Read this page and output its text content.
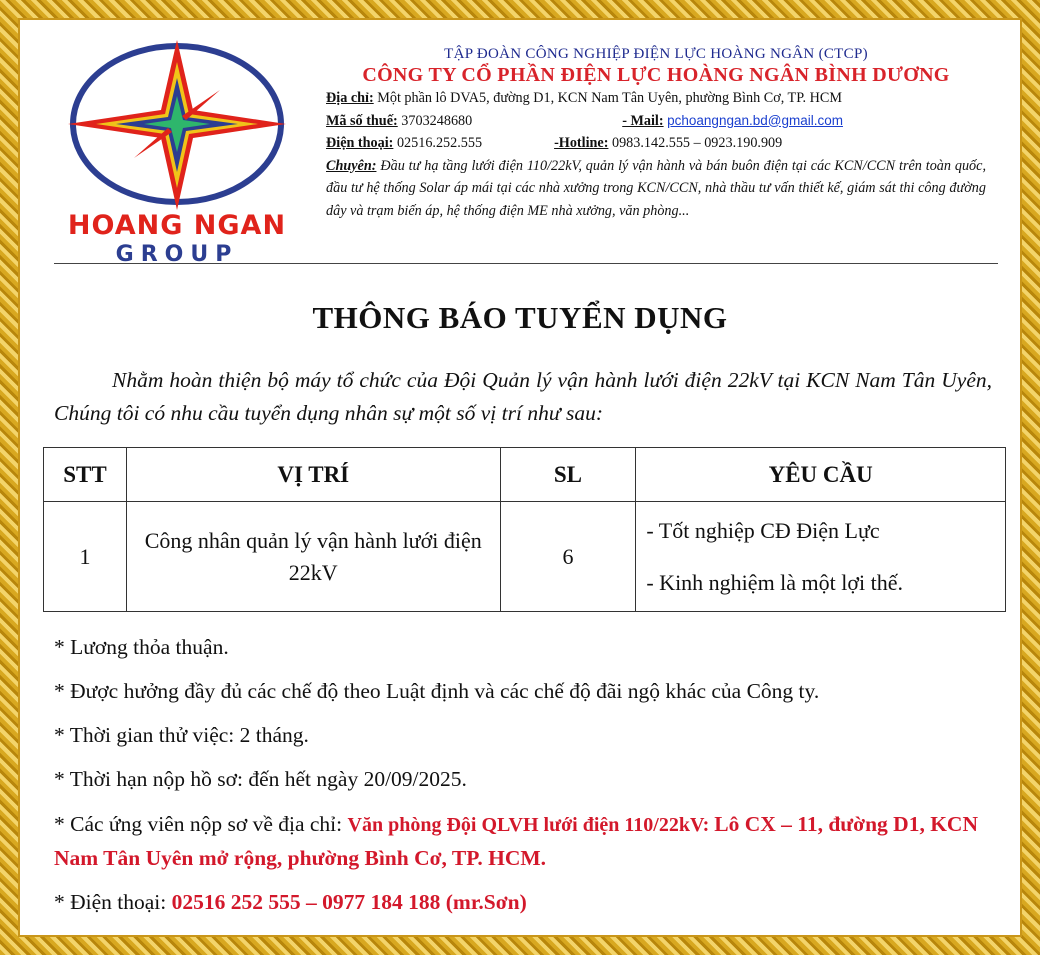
HOANG NGAN
GROUP
TẬP ĐOÀN CÔNG NGHIỆP ĐIỆN LỰC HOÀNG NGÂN (CTCP)
CÔNG TY CỔ PHẦN ĐIỆN LỰC HOÀNG NGÂN BÌNH DƯƠNG
Địa chỉ: Một phần lô DVA5, đường D1, KCN Nam Tân Uyên, phường Bình Cơ, TP. HCM
Mã số thuế: 3703248680	- Mail: pchoangngan.bd@gmail.com
Điện thoại: 02516.252.555	-Hotline: 0983.142.555 – 0923.190.909
Chuyên: Đầu tư hạ tầng lưới điện 110/22kV, quản lý vận hành và bán buôn điện tại các KCN/CCN trên toàn quốc, đầu tư hệ thống Solar áp mái tại các nhà xưởng trong KCN/CCN, nhà thầu tư vấn thiết kế, giám sát thi công đường dây và trạm biến áp, hệ thống điện ME nhà xưởng, văn phòng...
THÔNG BÁO TUYỂN DỤNG
Nhằm hoàn thiện bộ máy tổ chức của Đội Quản lý vận hành lưới điện 22kV tại KCN Nam Tân Uyên, Chúng tôi có nhu cầu tuyển dụng nhân sự một số vị trí như sau:
STT	VỊ TRÍ	SL	YÊU CẦU
1	Công nhân quản lý vận hành lưới điện 22kV	6	- Tốt nghiệp CĐ Điện Lực
- Kinh nghiệm là một lợi thế.
* Lương thỏa thuận.
* Được hưởng đầy đủ các chế độ theo Luật định và các chế độ đãi ngộ khác của Công ty.
* Thời gian thử việc: 2 tháng.
* Thời hạn nộp hồ sơ: đến hết ngày 20/09/2025.
* Các ứng viên nộp sơ về địa chỉ: Văn phòng Đội QLVH lưới điện 110/22kV: Lô CX – 11, đường D1, KCN Nam Tân Uyên mở rộng, phường Bình Cơ, TP. HCM.
* Điện thoại: 02516 252 555 – 0977 184 188 (mr.Sơn)
